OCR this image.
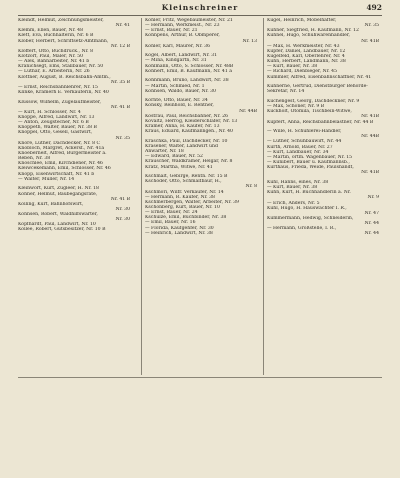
Kleinschreiner	492
Kleindt, Helmut, Zeichnungsmeister,
Nr. 41
Klemm, Ellen, Bauer, Nr. 48
Klett, Eva, Buchhalterin, Nr. 6 B
Klöber, Herbert, Schriftsetz-Amtmann,
Nr. 12 B
Kloffert, Otto, Buchdruck., Nr. 8
Klotzorf, Paul, Maler, Nr. 50
— Alex, Bahnarbeiter, Nr. 41 b
Kranichsegt, Ems, Stallbauer, Nr. 50
— Luthar, E. Arbeiterin, Nr. 26
Klöttner, August, B. Reichsbahn-Amtm.,
Nr. 35 B
— Ernst, Reichsbahnlehrer, Nr. 15
Klinke, Kramerh E. Verkäuferin, Nr. 40
Klüssow, Wilhelm, Zugelaufmeister,
Nr. 41 B
— Kurt, H. Schlosser, Nr. 4
Knoppe, Alfred, Landwirt, Nr. 13
— Anton, Zeugstecher, Nr. 6 B
Knoppeth, Walter, Bauer, Nr. 38 B
Knoppel, Otto, Gesell, Gastwirt,
Nr. 35
Knore, Luther, Dachdecker, Nr. 8 C
Knobloch, Margret, Ackersf., Nr. 41a
Knoebernelt, Alfred, Bürgermeister a.
Reben, Nr. 38
Knöschlee, Emil, Kirchdiener, Nr. 46
Kleiwcekemann, Emil, Schlosser, Nr. 46
Knöpp, Eisenwirtschaft, Nr. 41 b
— Walter, Müller, Nr. 14
Kleinwort, Kurt, Zugleer, H. Nr. 18
Köhner, Helmut, Baubegangsrate,
Nr. 41 B
Kölling, Kurt, Bahnhofswirt,
Nr. 30
Köhnsen, Robert, Waldhilfswärter,
Nr. 30
Köpfhardt, Paul, Landwirt, Nr. 10
Kollee, Robert, Gutsbesitzer, Nr. 10 B
Köhler, Fritz, Wegebaumeister, Nr. 21
— Hermann, Werkmeist., Nr. 23
— Ernst, Bauer, Nr. 21
Köhnpens, Arthur, B. Obmperer,
Nr. 13
Köhler, Karl, Maurer, Nr. 36
Kögel, Albert, Landwirt, Nr. 31
— Mina, Kindgärtn, Nr. 31
Köhlmann, Otto, S. Schlosser, Nr. 48B
Köhnert, Emil, B. Kaufmann, Nr. 41 a
Köhnmann, Bruno, Landwirt, Nr. 38
— Martin, Schmied, Nr. 1
Köhnsen, Waldo, Bauer, Nr. 30
Körnte, Otto, Bauer, Nr. 34
Konsky, Reinhold, E. Rentner,
Nr. 44B
Kostrau, Paul, Reichsbahner, Nr. 26
Kovaltz, Herrog, Kleiderschlafer, Nr. 13
Krämer, Anna, H. Kaufer, Nr. 13
Kraus, Eduard, Kaufmanngeh., Nr. 40
Kraschka, Paul, Dachdecker, Nr. 10
Kräsener, Walter, Landwirt und
Anwärter, Nr. 18
— Edward, Bauer, Nr. 52
Kräuscher, Waldkramer, Helgar, Nr. 8
Krätz, Martha, Witwe, Nr. 41
Kschmalt, Gebirge, Rentn. Nr. 15 B
Kschöder, Otto, Schmalfbaur, H.,
Nr. 8
Kschmöri, Wilfr. Verkäufer, Nr. 14
— Hermann, R. Kaufer, Nr. 38
Kschmerbergen, Walter, Arbeiter, Nr. 39
Kschönberg, Kurt, Bauer, Nr. 10
— Ernst, Bauer, Nr. 24
Kschulze, Emil, Buchbinder, Nr. 38
— Emil, Bauer, Nr. 16
— Florida, Kaufgehfer, Nr. 30
— Heinrich, Landwirt, Nr. 38
Kügel, Heinrich, Möbelhäfter,
Nr. 35
Kühner, Siegfried, H. Kaufmann, Nr. 12
Kühnel, Hugo, Schuhwarenhändler,
Nr. 41B
— Max, H. Werkmeister, Nr. 43
Kupfer, Daniel, Landbauer, Nr. 12
Kugelfeld, Karl, Oberlehrer, Nr. 4
Kühn, Herbert, Landmann, Nr. 38
— Kurt, Bauer, Nr. 38
— Richard, Dienbieger, Nr. 45
Kümmler, Alfred, Eisenbahnschaffner, Nr. 41
Kühnerne, Gertrud, Dienstbürger Behörde-
Sekretär, Nr. 14
Kuchengest, Georg, Dachdeckner, Nr. 9
— Max, Schöner, Nr. 9 B
Kuckholt, Otomila, Tischbein-Witwe,
Nr. 41B
Kupfert, Anna, Reichsbahnbelastner, Nr. 44 B
— Wille, H. Schuhlerei-Händler,
Nr. 44B
— Luther, Schuhbauwirt, Nr. 44
Kurth, Arnold, Bauer, Nr. 27
— Kurt, Landbauer, Nr. 34
— Martin, ortm. Wagenbauer, Nr. 15
— Kunibert, Bauer u. Kaufmannsb.,
Kurthaus, Frieda, Weide, Paulshandt,
Nr. 41B
Kuhl, Hanns, eines, Nr. 38
— Kurt, Bauer, Nr. 38
Kuhn, Kurt, H. Buchhandlerin a. Nr.
Nr. 9
— Erich, Anders, Nr. 5
Kuhl, Hugo, H. Hauswachter I. R.,
Nr. 47
Kummermann, Hedwig, Schneiderin,
Nr. 44
— Hermann, Großstelle, I. R.,
Nr. 44
